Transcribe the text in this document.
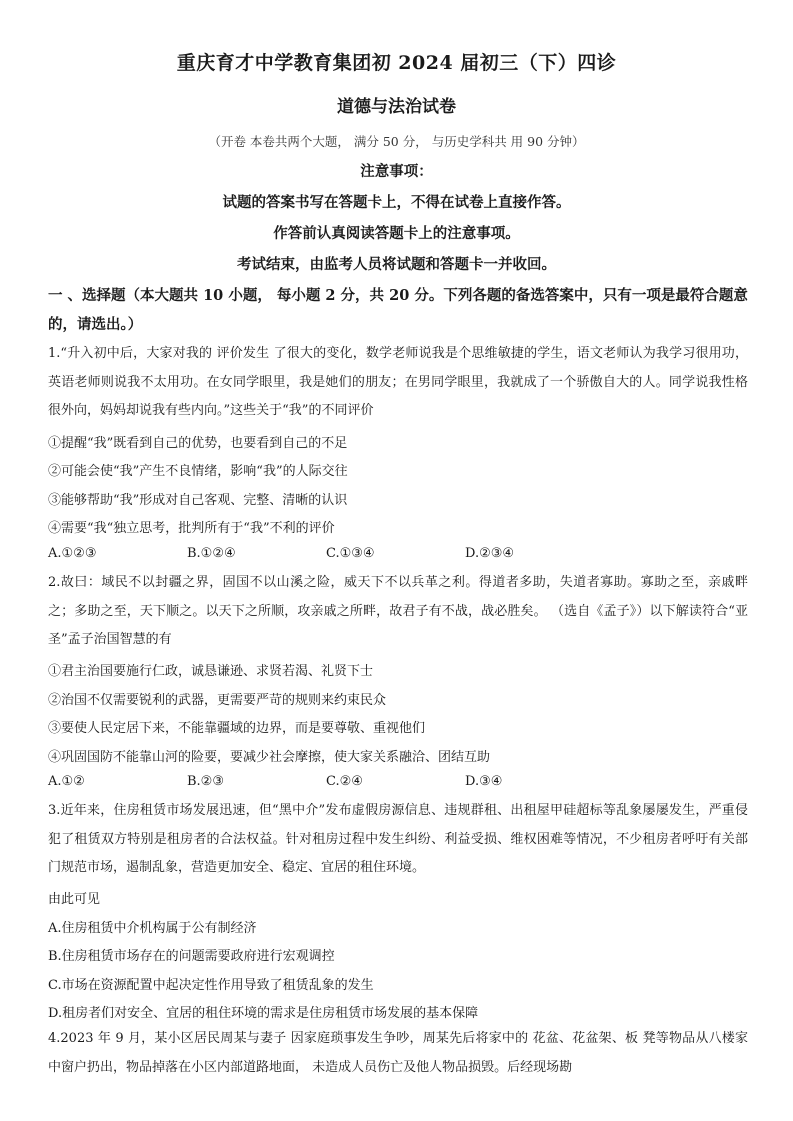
重庆育才中学教育集团初 2024 届初三（下）四诊
道德与法治试卷
（开卷 本卷共两个大题， 满分 50 分， 与历史学科共 用 90 分钟）
注意事项：
试题的答案书写在答题卡上，不得在试卷上直接作答。
作答前认真阅读答题卡上的注意事项。
考试结束，由监考人员将试题和答题卡一并收回。
一 、选择题（本大题共 10 小题， 每小题 2 分，共 20 分。下列各题的备选答案中，只有一项是最符合题意的，请选出。）
1.“升入初中后，大家对我的 评价发生 了很大的变化，数学老师说我是个思维敏捷的学生，语文老师认为我学习很用功，英语老师则说我不太用功。在女同学眼里，我是她们的朋友；在男同学眼里，我就成了一个骄傲自大的人。同学说我性格很外向，妈妈却说我有些内向。”这些关于“我”的不同评价
①提醒“我”既看到自己的优势，也要看到自己的不足
②可能会使“我”产生不良情绪，影响“我”的人际交往
③能够帮助“我”形成对自己客观、完整、清晰的认识
④需要“我“独立思考，批判所有于“我”不利的评价
A.①②③	B.①②④	C.①③④	D.②③④
2.故曰：域民不以封疆之界，固国不以山溪之险，威天下不以兵革之利。得道者多助，失道者寡助。寡助之至，亲戚畔之；多助之至，天下顺之。以天下之所顺，攻亲戚之所畔，故君子有不战，战必胜矣。 （选自《孟子》）以下解读符合“亚圣”孟子治国智慧的有
①君主治国要施行仁政，诚恳谦逊、求贤若渴、礼贤下士
②治国不仅需要锐利的武器，更需要严苛的规则来约束民众
③要使人民定居下来，不能靠疆域的边界，而是要尊敬、重视他们
④巩固国防不能靠山河的险要，要减少社会摩擦，使大家关系融洽、团结互助
A.①②	B.②③	C.②④	D.③④
3.近年来，住房租赁市场发展迅速，但“黑中介”发布虚假房源信息、违规群租、出租屋甲硅超标等乱象屡屡发生，严重侵犯了租赁双方特别是租房者的合法权益。针对租房过程中发生纠纷、利益受损、维权困难等情况，不少租房者呼吁有关部门规范市场，遏制乱象，营造更加安全、稳定、宜居的租住环境。
由此可见
A.住房租赁中介机构属于公有制经济
B.住房租赁市场存在的问题需要政府进行宏观调控
C.市场在资源配置中起决定性作用导致了租赁乱象的发生
D.租房者们对安全、宜居的租住环境的需求是住房租赁市场发展的基本保障
4.2023 年 9 月，某小区居民周某与妻子 因家庭琐事发生争吵，周某先后将家中的 花盆、花盆架、板 凳等物品从八楼家中窗户扔出，物品掉落在小区内部道路地面， 未造成人员伤亡及他人物品损毁。后经现场勘
